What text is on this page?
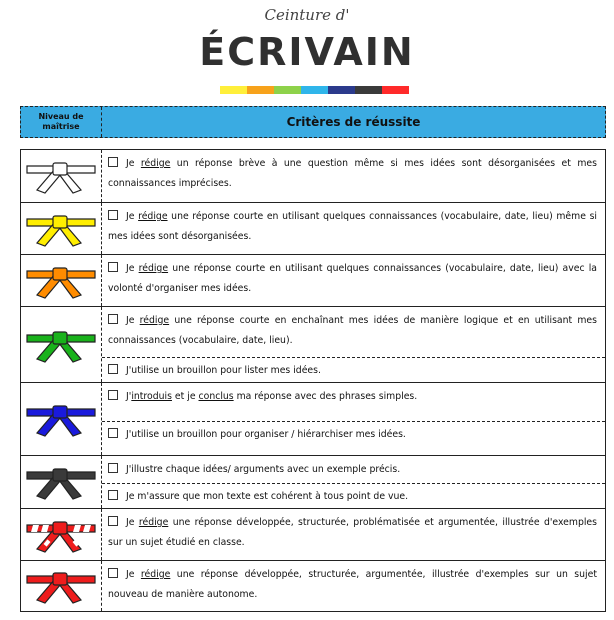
Ceinture d'
ÉCRIVAIN
Niveau de maîtrise	Critères de réussite
Je rédige un réponse brève à une question même si mes idées sont désorganisées et mes connaissances imprécises.
Je rédige une réponse courte en utilisant quelques connaissances (vocabulaire, date, lieu) même si mes idées sont désorganisées.
Je rédige une réponse courte en utilisant quelques connaissances (vocabulaire, date, lieu) avec la volonté d'organiser mes idées.
Je rédige une réponse courte en enchaînant mes idées de manière logique et en utilisant mes connaissances (vocabulaire, date, lieu).
J'utilise un brouillon pour lister mes idées.
J'introduis et je conclus ma réponse avec des phrases simples.
J'utilise un brouillon pour organiser / hiérarchiser mes idées.
J'illustre chaque idées/ arguments avec un exemple précis.
Je m'assure que mon texte est cohérent à tous point de vue.
Je rédige une réponse développée, structurée, problématisée et argumentée, illustrée d'exemples sur un sujet étudié en classe.
Je rédige une réponse développée, structurée, argumentée, illustrée d'exemples sur un sujet nouveau de manière autonome.
